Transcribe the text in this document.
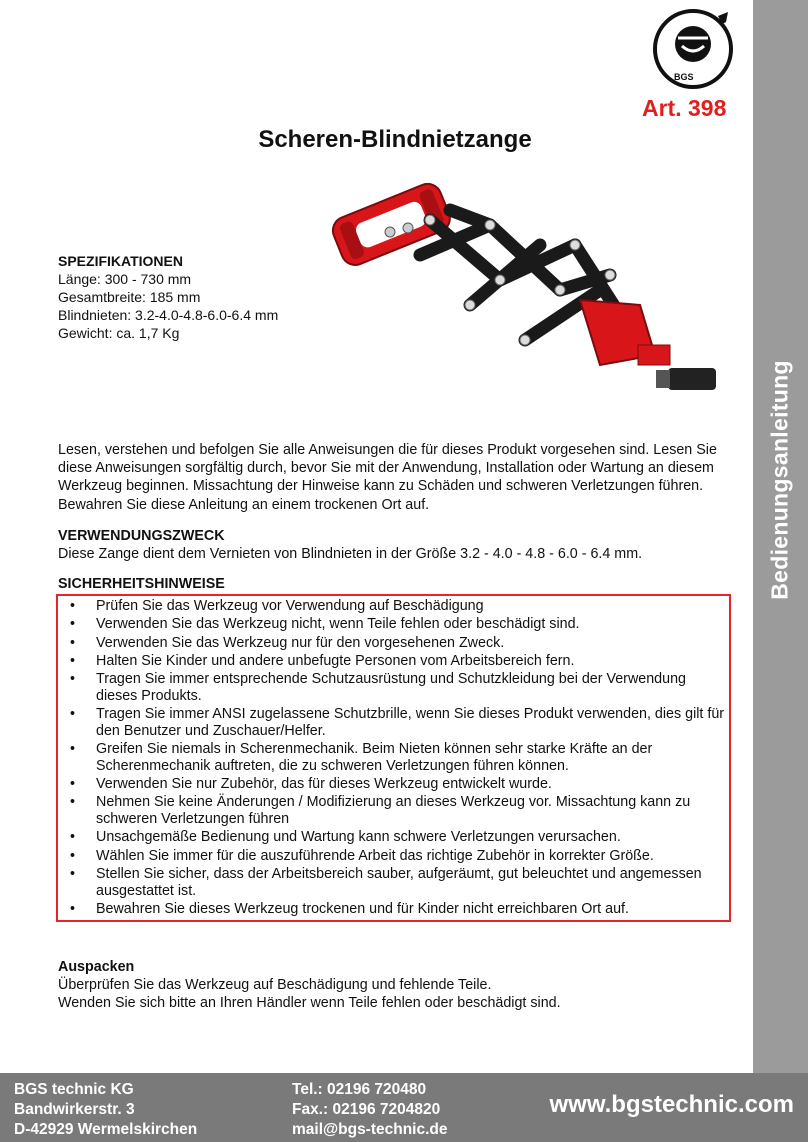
Bedienungsanleitung
BGS
Art. 398
Scheren-Blindnietzange
SPEZIFIKATIONEN
Länge: 300 - 730 mm
Gesamtbreite: 185 mm
Blindnieten: 3.2-4.0-4.8-6.0-6.4 mm
Gewicht: ca. 1,7 Kg

Lesen, verstehen und befolgen Sie alle Anweisungen die für dieses Produkt vorgesehen sind. Lesen Sie diese Anweisungen sorgfältig durch, bevor Sie mit der Anwendung, Installation oder Wartung an diesem Werkzeug beginnen. Missachtung der Hinweise kann zu Schäden und schweren Verletzungen führen. Bewahren Sie diese Anleitung an einem trockenen Ort auf.

VERWENDUNGSZWECK
Diese Zange dient dem Vernieten von Blindnieten in der Größe 3.2 - 4.0 - 4.8 - 6.0 - 6.4 mm.
SICHERHEITSHINWEISE
• Prüfen Sie das Werkzeug vor Verwendung auf Beschädigung
• Verwenden Sie das Werkzeug nicht, wenn Teile fehlen oder beschädigt sind.
• Verwenden Sie das Werkzeug nur für den vorgesehenen Zweck.
• Halten Sie Kinder und andere unbefugte Personen vom Arbeitsbereich fern.
• Tragen Sie immer entsprechende Schutzausrüstung und Schutzkleidung bei der Verwendung dieses Produkts.
• Tragen Sie immer ANSI zugelassene Schutzbrille, wenn Sie dieses Produkt verwenden, dies gilt für den Benutzer und Zuschauer/Helfer.
• Greifen Sie niemals in Scherenmechanik. Beim Nieten können sehr starke Kräfte an der Scherenmechanik auftreten, die zu schweren Verletzungen führen können.
• Verwenden Sie nur Zubehör, das für dieses Werkzeug entwickelt wurde.
• Nehmen Sie keine Änderungen / Modifizierung an dieses Werkzeug vor. Missachtung kann zu schweren Verletzungen führen
• Unsachgemäße Bedienung und Wartung kann schwere Verletzungen verursachen.
• Wählen Sie immer für die auszuführende Arbeit das richtige Zubehör in korrekter Größe.
• Stellen Sie sicher, dass der Arbeitsbereich sauber, aufgeräumt, gut beleuchtet und angemessen ausgestattet ist.
• Bewahren Sie dieses Werkzeug trockenen und für Kinder nicht erreichbaren Ort auf.
Auspacken
Überprüfen Sie das Werkzeug auf Beschädigung und fehlende Teile.
Wenden Sie sich bitte an Ihren Händler wenn Teile fehlen oder beschädigt sind.
BGS technic KG
Bandwirkerstr. 3
D-42929 Wermelskirchen
Tel.: 02196 720480
Fax.: 02196 7204820
mail@bgs-technic.de
www.bgstechnic.com
